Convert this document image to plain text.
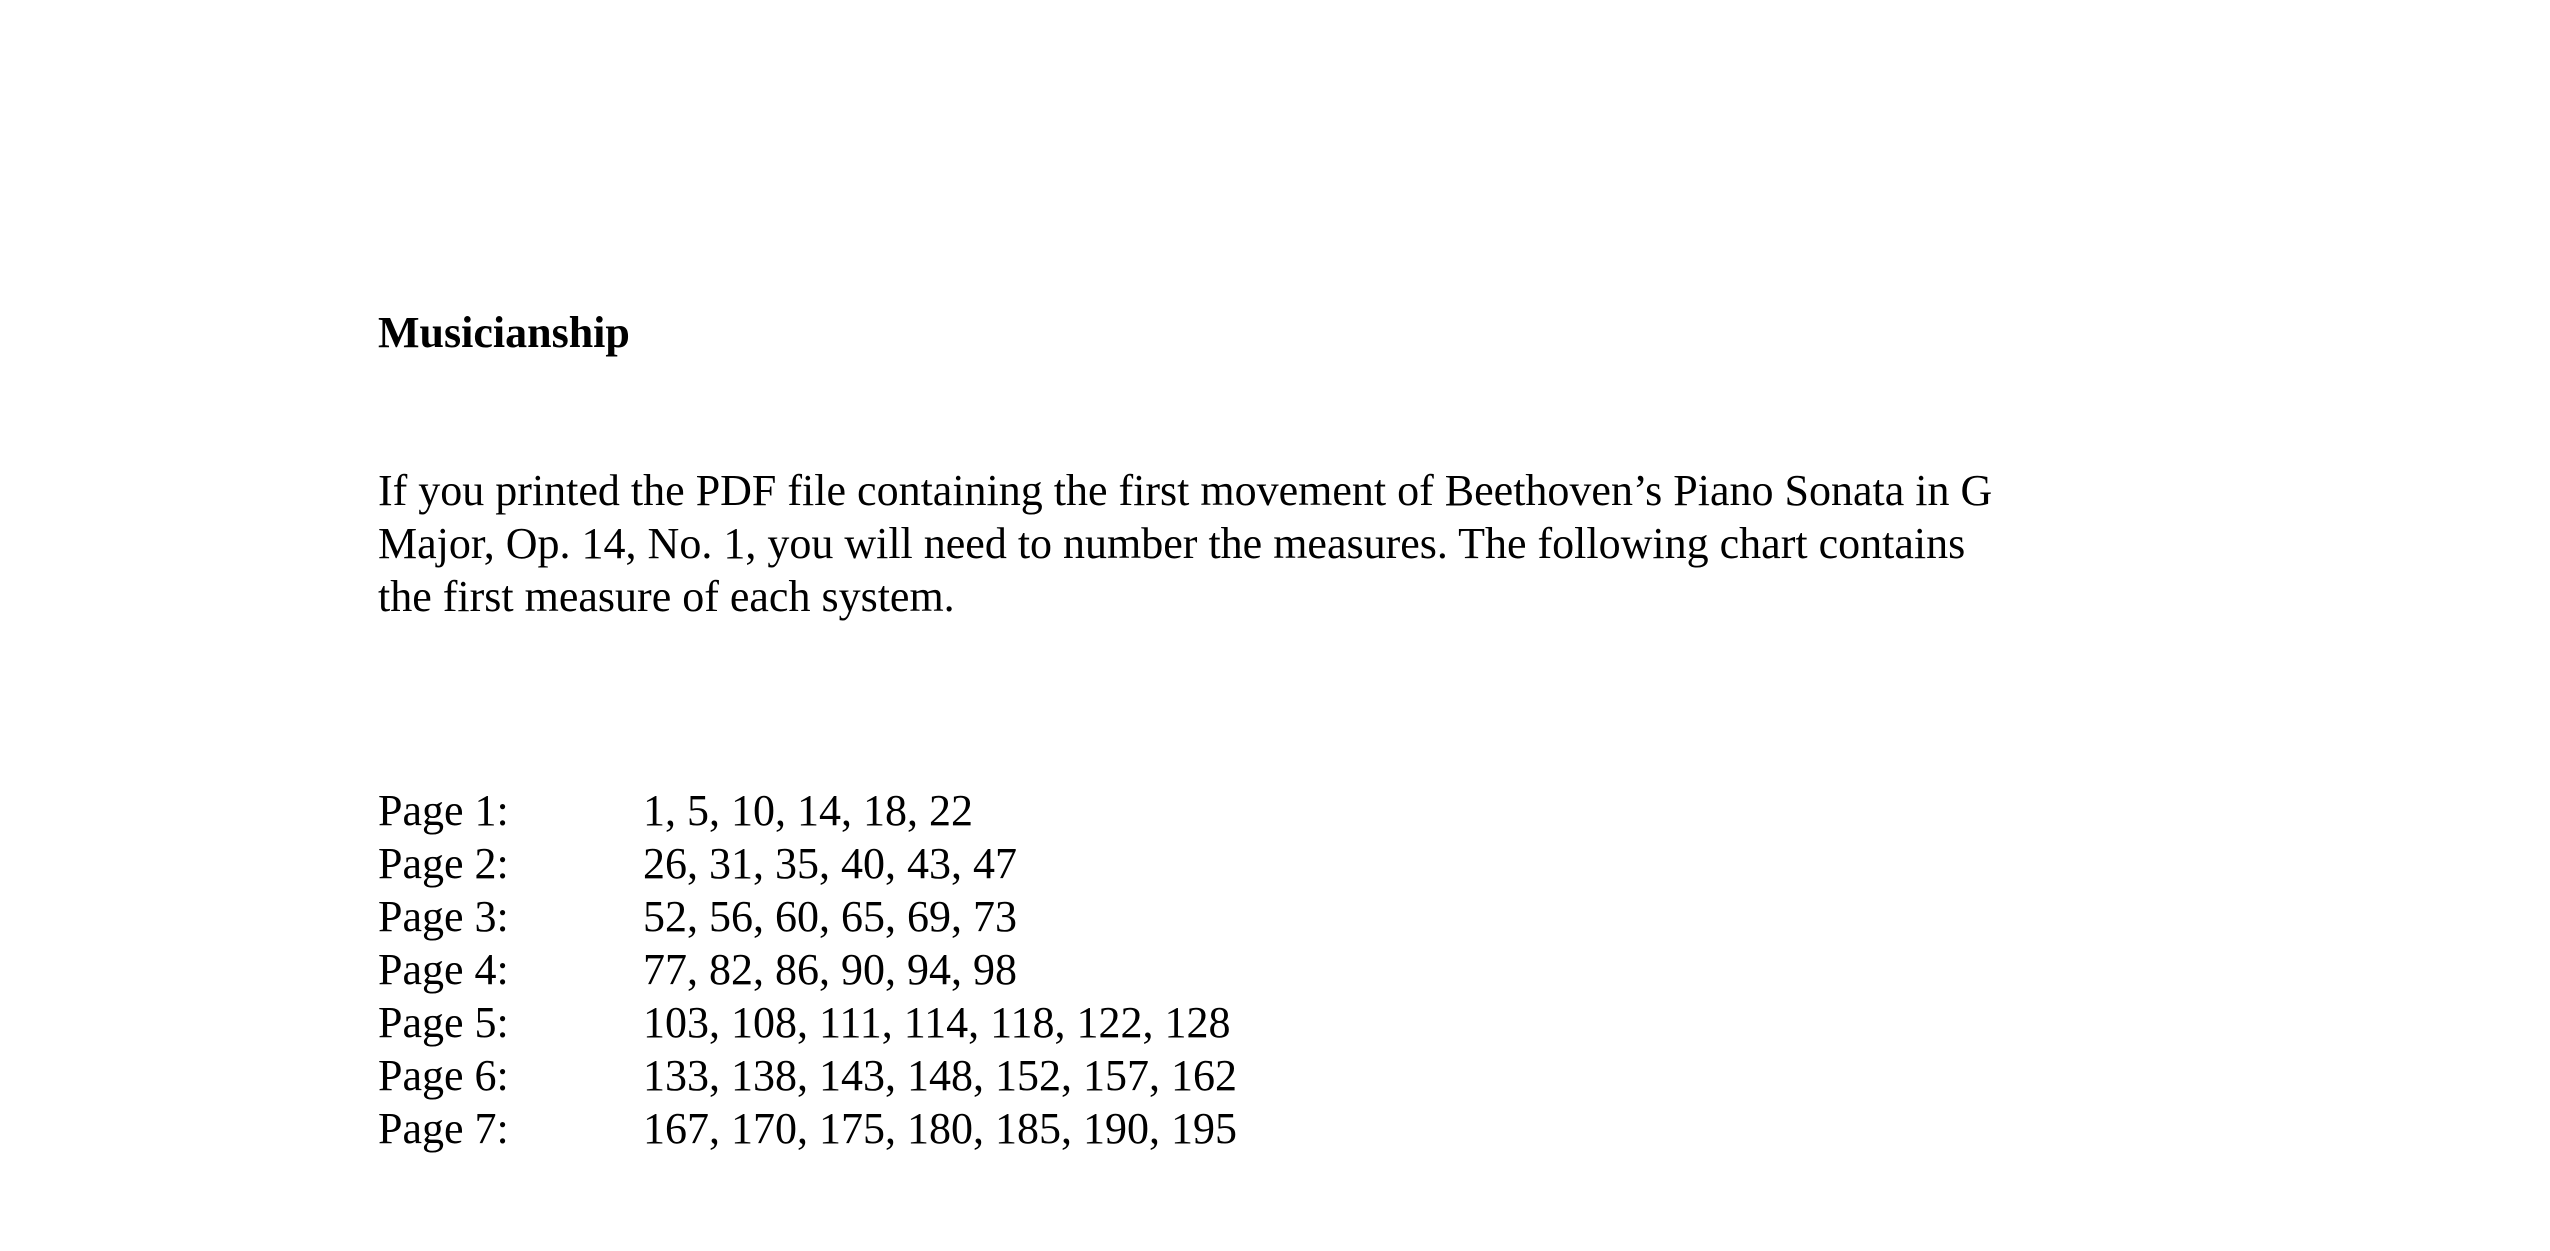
Musicianship
If you printed the PDF file containing the first movement of Beethoven’s Piano Sonata in G
Major, Op. 14, No. 1, you will need to number the measures. The following chart contains
the first measure of each system.
Page 1:	1, 5, 10, 14, 18, 22
Page 2:	26, 31, 35, 40, 43, 47
Page 3:	52, 56, 60, 65, 69, 73
Page 4:	77, 82, 86, 90, 94, 98
Page 5:	103, 108, 111, 114, 118, 122, 128
Page 6:	133, 138, 143, 148, 152, 157, 162
Page 7:	167, 170, 175, 180, 185, 190, 195
